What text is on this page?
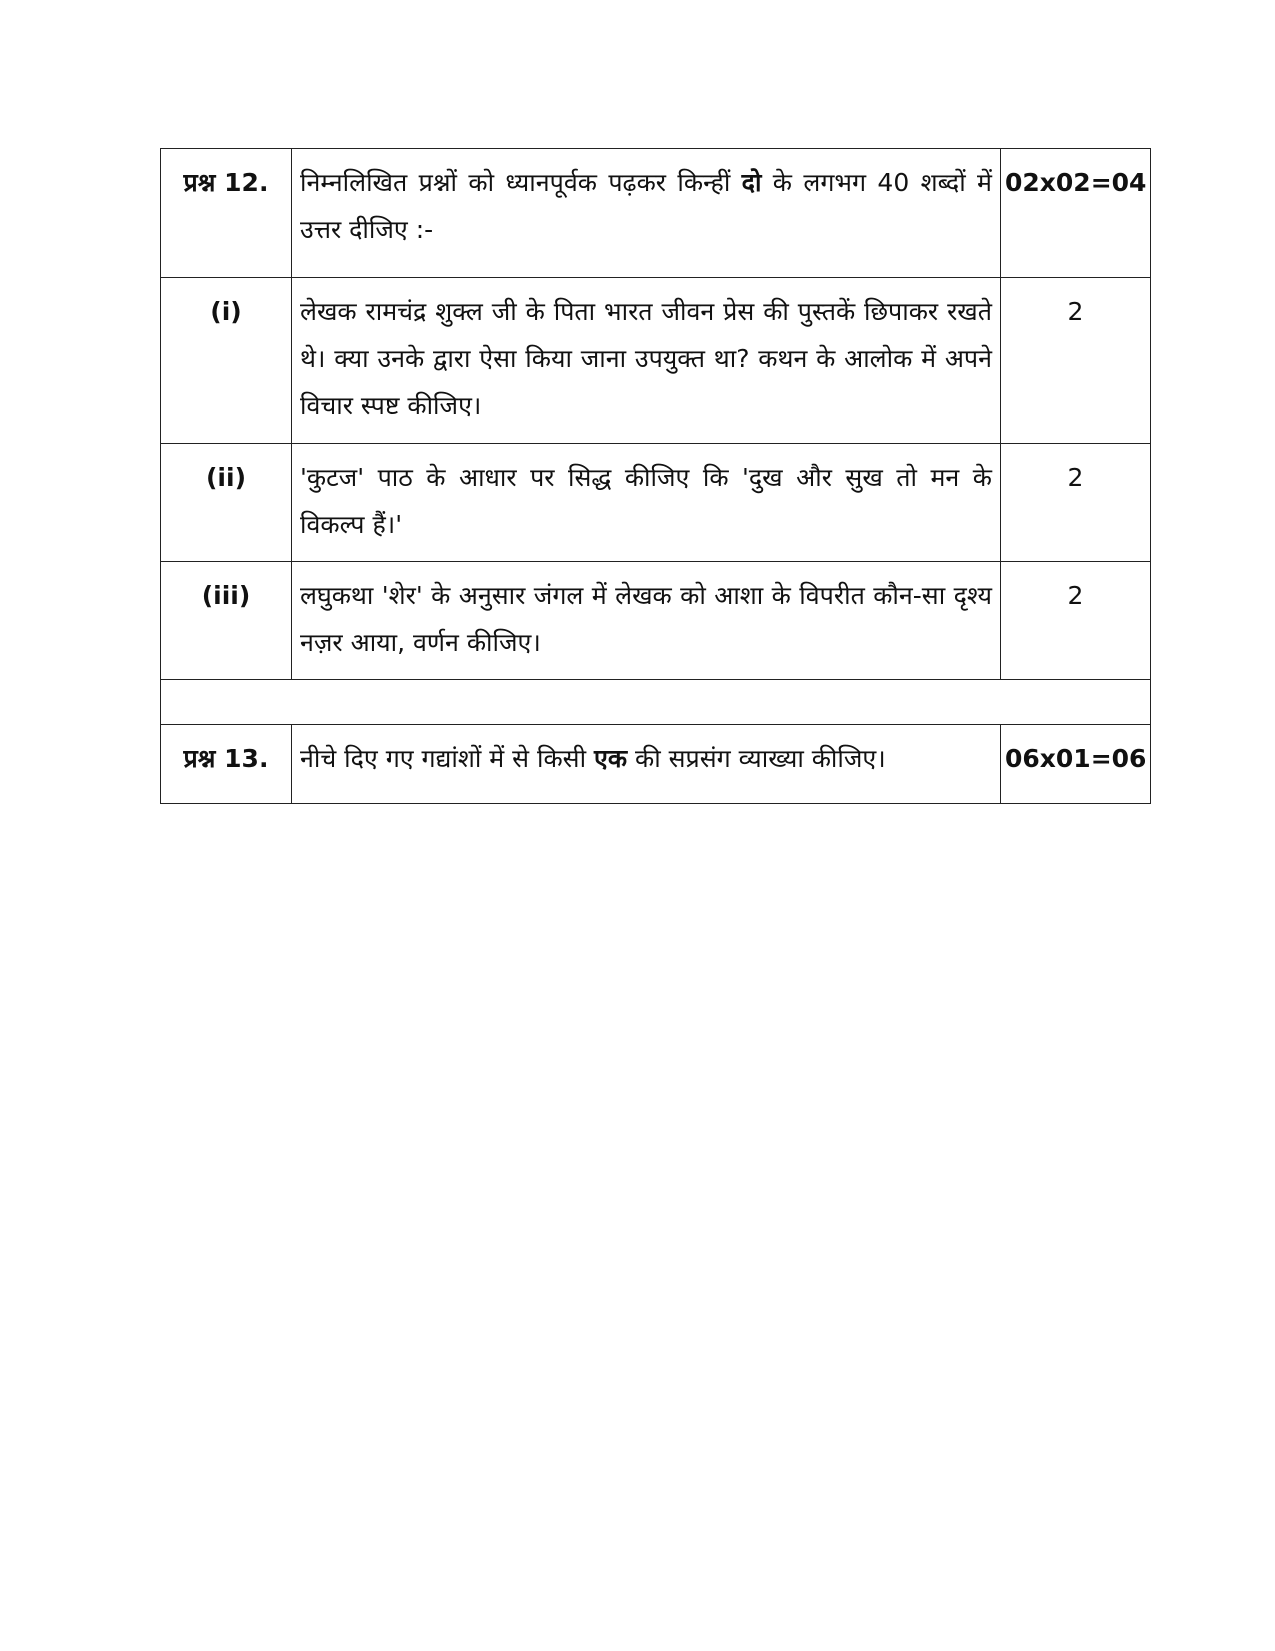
प्रश्न 12.	निम्नलिखित प्रश्नों को ध्यानपूर्वक पढ़कर किन्हीं दो के लगभग 40 शब्दों में उत्तर दीजिए :-	02x02=04
(i)	लेखक रामचंद्र शुक्ल जी के पिता भारत जीवन प्रेस की पुस्तकें छिपाकर रखते थे। क्या उनके द्वारा ऐसा किया जाना उपयुक्त था? कथन के आलोक में अपने विचार स्पष्ट कीजिए।	2
(ii)	'कुटज' पाठ के आधार पर सिद्ध कीजिए कि 'दुख और सुख तो मन के विकल्प हैं।'	2
(iii)	लघुकथा 'शेर' के अनुसार जंगल में लेखक को आशा के विपरीत कौन-सा दृश्य नज़र आया, वर्णन कीजिए।	2

प्रश्न 13.	नीचे दिए गए गद्यांशों में से किसी एक की सप्रसंग व्याख्या कीजिए।	06x01=06
